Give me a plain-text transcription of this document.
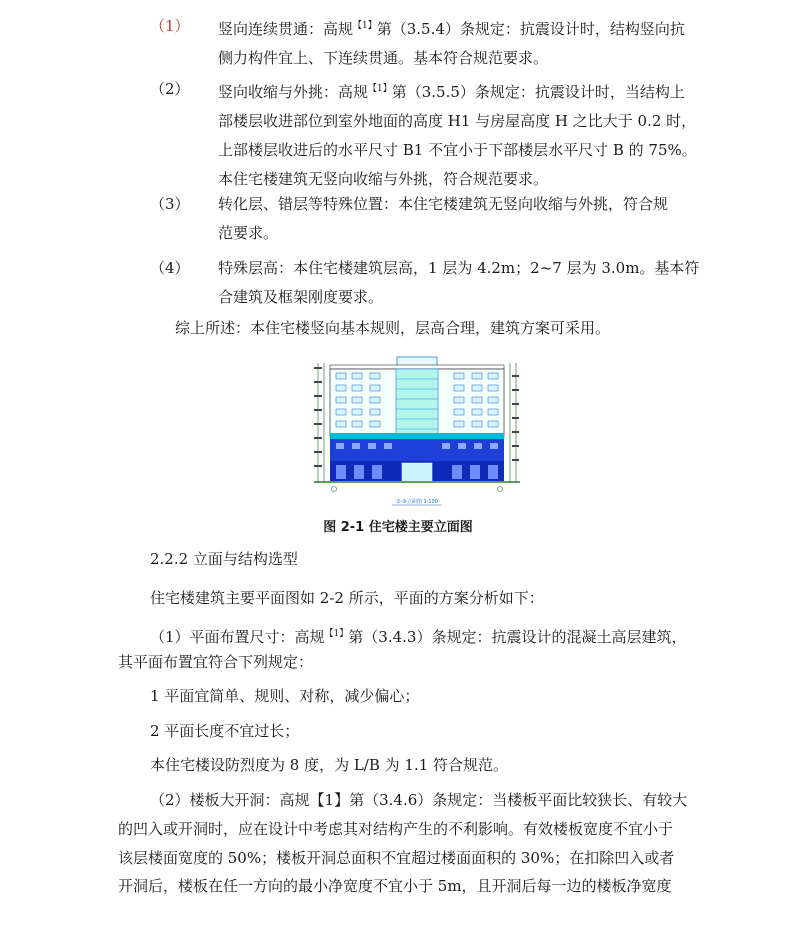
（1）	竖向连续贯通：高规$^{【1】}$第（3.5.4）条规定：抗震设计时，结构竖向抗
侧力构件宜上、下连续贯通。基本符合规范要求。
（2）	竖向收缩与外挑：高规$^{【1】}$第（3.5.5）条规定：抗震设计时，当结构上
部楼层收进部位到室外地面的高度 H1 与房屋高度 H 之比大于 0.2 时，
上部楼层收进后的水平尺寸 B1 不宜小于下部楼层水平尺寸 B 的 75%。
本住宅楼建筑无竖向收缩与外挑，符合规范要求。
（3）	转化层、错层等特殊位置：本住宅楼建筑无竖向收缩与外挑，符合规
范要求。
（4）	特殊层高：本住宅楼建筑层高，1 层为 4.2m；2~7 层为 3.0m。基本符
合建筑及框架刚度要求。
综上所述：本住宅楼竖向基本规则，层高合理，建筑方案可采用。
①-⑨立面图 1:100
图 2-1 住宅楼主要立面图
2.2.2 立面与结构选型
住宅楼建筑主要平面图如 2-2 所示，平面的方案分析如下：
（1）平面布置尺寸：高规$^{【1】}$第（3.4.3）条规定：抗震设计的混凝土高层建筑，
其平面布置宜符合下列规定：
1 平面宜简单、规则、对称，减少偏心；
2 平面长度不宜过长；
本住宅楼设防烈度为 8 度，为 L/B 为 1.1 符合规范。
（2）楼板大开洞：高规【1】第（3.4.6）条规定：当楼板平面比较狭长、有较大
的凹入或开洞时，应在设计中考虑其对结构产生的不利影响。有效楼板宽度不宜小于
该层楼面宽度的 50%；楼板开洞总面积不宜超过楼面面积的 30%；在扣除凹入或者
开洞后，楼板在任一方向的最小净宽度不宜小于 5m，且开洞后每一边的楼板净宽度
